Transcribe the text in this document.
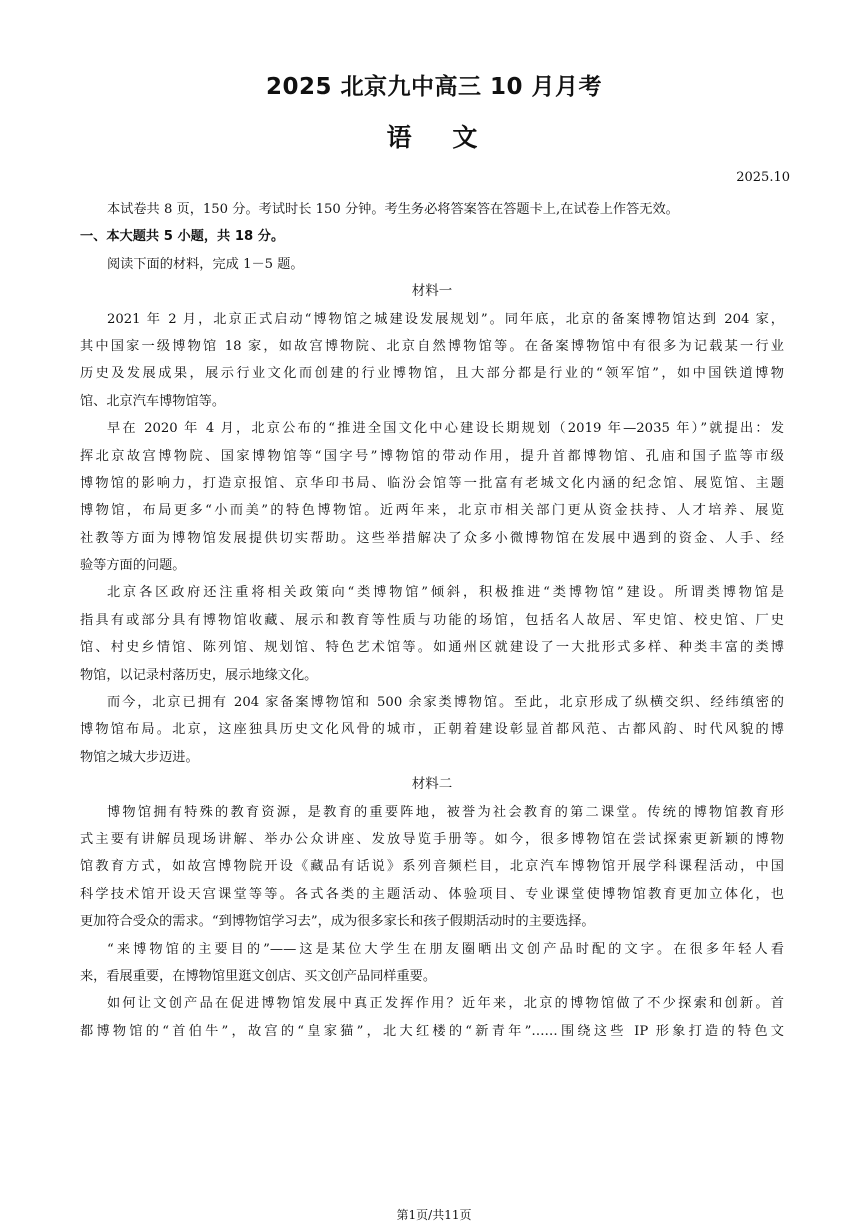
2025 北京九中高三 10 月月考
语 文
2025.10
本试卷共 8 页，150 分。考试时长 150 分钟。考生务必将答案答在答题卡上,在试卷上作答无效。
一、本大题共 5 小题，共 18 分。
阅读下面的材料，完成 1－5 题。
材料一
2021 年 2 月，北京正式启动“博物馆之城建设发展规划”。同年底，北京的备案博物馆达到 204 家，
其中国家一级博物馆 18 家，如故宫博物院、北京自然博物馆等。在备案博物馆中有很多为记载某一行业
历史及发展成果，展示行业文化而创建的行业博物馆，且大部分都是行业的“领军馆”，如中国铁道博物
馆、北京汽车博物馆等。
早在 2020 年 4 月，北京公布的“推进全国文化中心建设长期规划（2019 年—2035 年）”就提出：发
挥北京故宫博物院、国家博物馆等“国字号”博物馆的带动作用，提升首都博物馆、孔庙和国子监等市级
博物馆的影响力，打造京报馆、京华印书局、临汾会馆等一批富有老城文化内涵的纪念馆、展览馆、主题
博物馆，布局更多“小而美”的特色博物馆。近两年来，北京市相关部门更从资金扶持、人才培养、展览
社教等方面为博物馆发展提供切实帮助。这些举措解决了众多小微博物馆在发展中遇到的资金、人手、经
验等方面的问题。
北京各区政府还注重将相关政策向“类博物馆”倾斜，积极推进“类博物馆”建设。所谓类博物馆是
指具有或部分具有博物馆收藏、展示和教育等性质与功能的场馆，包括名人故居、军史馆、校史馆、厂史
馆、村史乡情馆、陈列馆、规划馆、特色艺术馆等。如通州区就建设了一大批形式多样、种类丰富的类博
物馆，以记录村落历史，展示地缘文化。
而今，北京已拥有 204 家备案博物馆和 500 余家类博物馆。至此，北京形成了纵横交织、经纬缜密的
博物馆布局。北京，这座独具历史文化风骨的城市，正朝着建设彰显首都风范、古都风韵、时代风貌的博
物馆之城大步迈进。
材料二
博物馆拥有特殊的教育资源，是教育的重要阵地，被誉为社会教育的第二课堂。传统的博物馆教育形
式主要有讲解员现场讲解、举办公众讲座、发放导览手册等。如今，很多博物馆在尝试探索更新颖的博物
馆教育方式，如故宫博物院开设《藏品有话说》系列音频栏目，北京汽车博物馆开展学科课程活动，中国
科学技术馆开设天宫课堂等等。各式各类的主题活动、体验项目、专业课堂使博物馆教育更加立体化，也
更加符合受众的需求。“到博物馆学习去”，成为很多家长和孩子假期活动时的主要选择。
“来博物馆的主要目的”——这是某位大学生在朋友圈晒出文创产品时配的文字。在很多年轻人看
来，看展重要，在博物馆里逛文创店、买文创产品同样重要。
如何让文创产品在促进博物馆发展中真正发挥作用？近年来，北京的博物馆做了不少探索和创新。首
都博物馆的“首伯牛”，故宫的“皇家猫”，北大红楼的“新青年”……围绕这些 IP 形象打造的特色文
第1页/共11页
